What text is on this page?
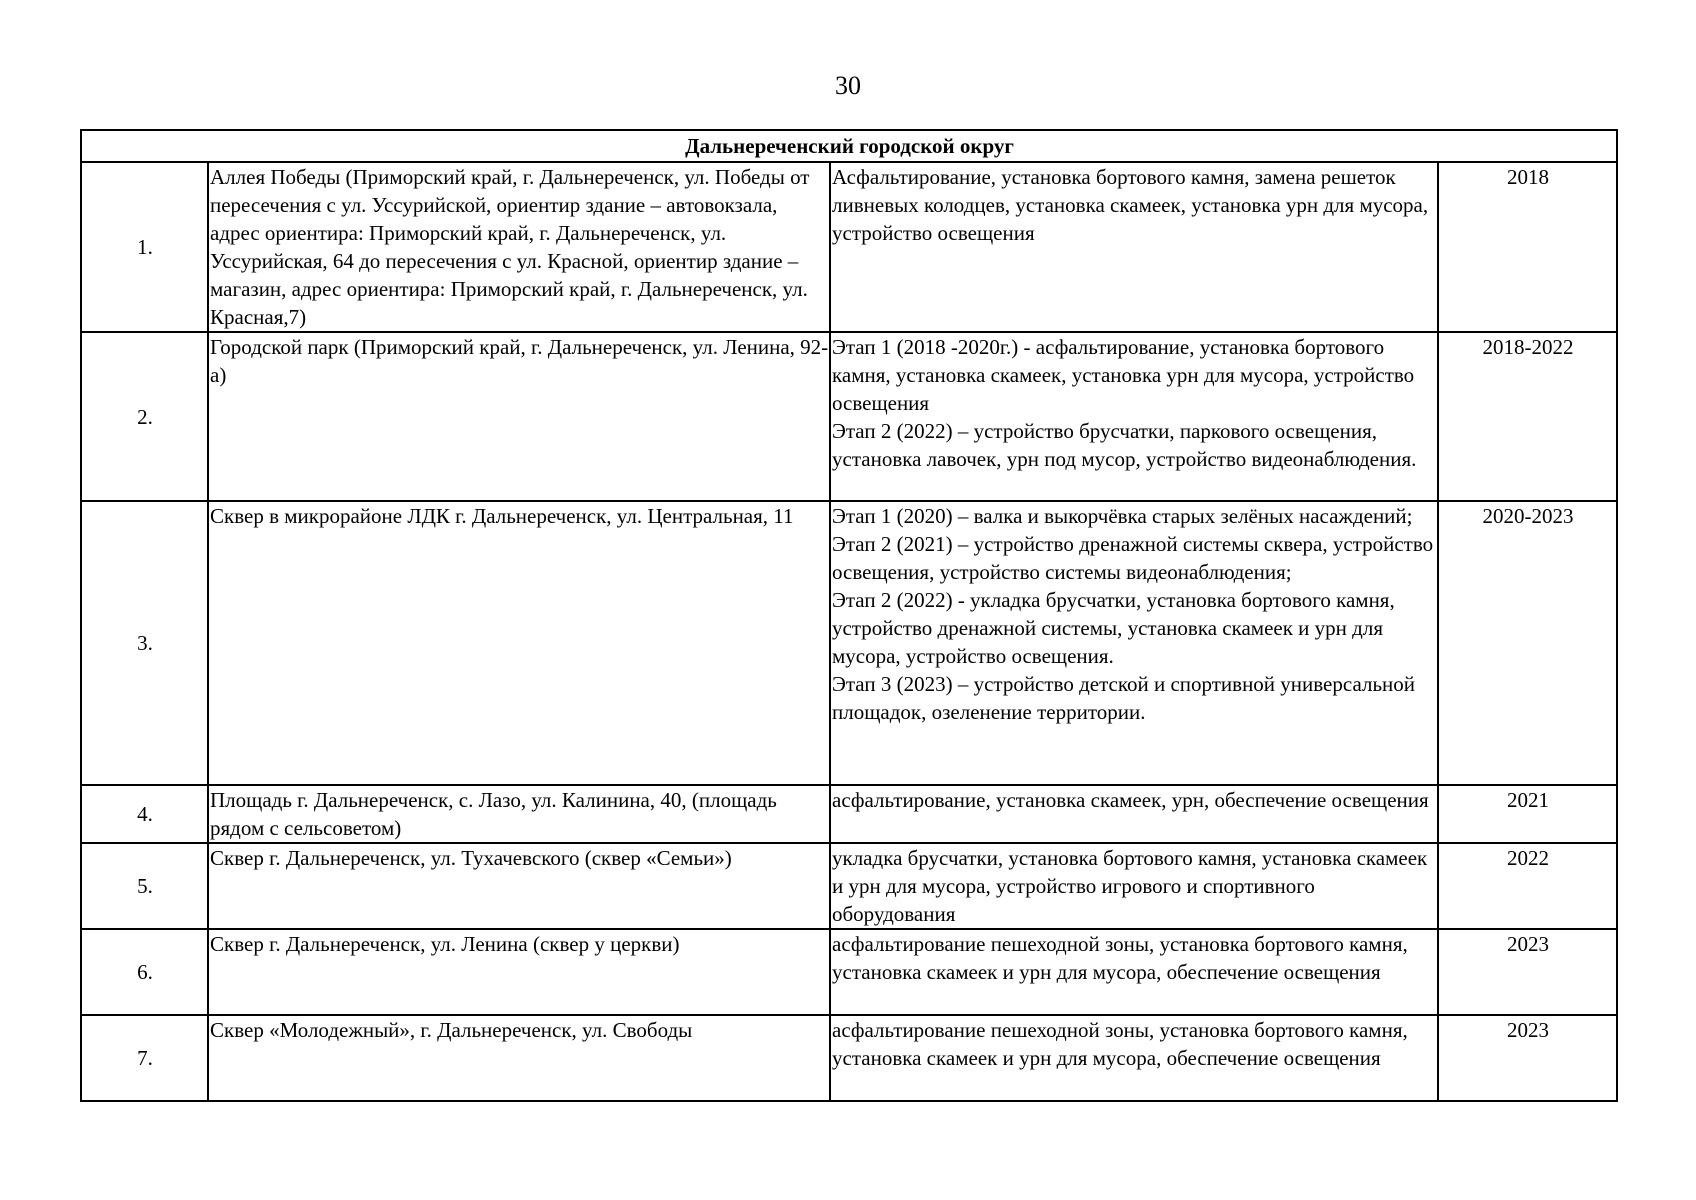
30
Дальнереченский городской округ			
1.	Аллея Победы (Приморский край, г. Дальнереченск, ул. Победы от пересечения с ул. Уссурийской, ориентир здание – автовокзала, адрес ориентира: Приморский край, г. Дальнереченск, ул. Уссурийская, 64 до пересечения с ул. Красной, ориентир здание – магазин, адрес ориентира: Приморский край, г. Дальнереченск, ул. Красная,7)	Асфальтирование, установка бортового камня, замена решеток ливневых колодцев, установка скамеек, установка урн для мусора, устройство освещения	2018
2.	Городской парк (Приморский край, г. Дальнереченск, ул. Ленина, 92-а)	Этап 1 (2018 -2020г.) - асфальтирование, установка бортового камня, установка скамеек, установка урн для мусора, устройство освещения
Этап 2 (2022) – устройство брусчатки, паркового освещения, установка лавочек, урн под мусор, устройство видеонаблюдения.	2018-2022
3.	Сквер в микрорайоне ЛДК г. Дальнереченск, ул. Центральная, 11	Этап 1 (2020) – валка и выкорчёвка старых зелёных насаждений;
Этап 2 (2021) – устройство дренажной системы сквера, устройство освещения, устройство системы видеонаблюдения;
Этап 2 (2022) - укладка брусчатки, установка бортового камня, устройство дренажной системы, установка скамеек и урн для мусора, устройство освещения.
Этап 3 (2023) – устройство детской и спортивной универсальной площадок, озеленение территории.	2020-2023
4.	Площадь г. Дальнереченск, с. Лазо, ул. Калинина, 40, (площадь рядом с сельсоветом)	асфальтирование, установка скамеек, урн, обеспечение освещения	2021
5.	Сквер г. Дальнереченск, ул. Тухачевского (сквер «Семьи»)	укладка брусчатки, установка бортового камня, установка скамеек и урн для мусора, устройство игрового и спортивного оборудования	2022
6.	Сквер г. Дальнереченск, ул. Ленина (сквер у церкви)	асфальтирование пешеходной зоны, установка бортового камня, установка скамеек и урн для мусора, обеспечение освещения	2023
7.	Сквер «Молодежный», г. Дальнереченск, ул. Свободы	асфальтирование пешеходной зоны, установка бортового камня, установка скамеек и урн для мусора, обеспечение освещения	2023
